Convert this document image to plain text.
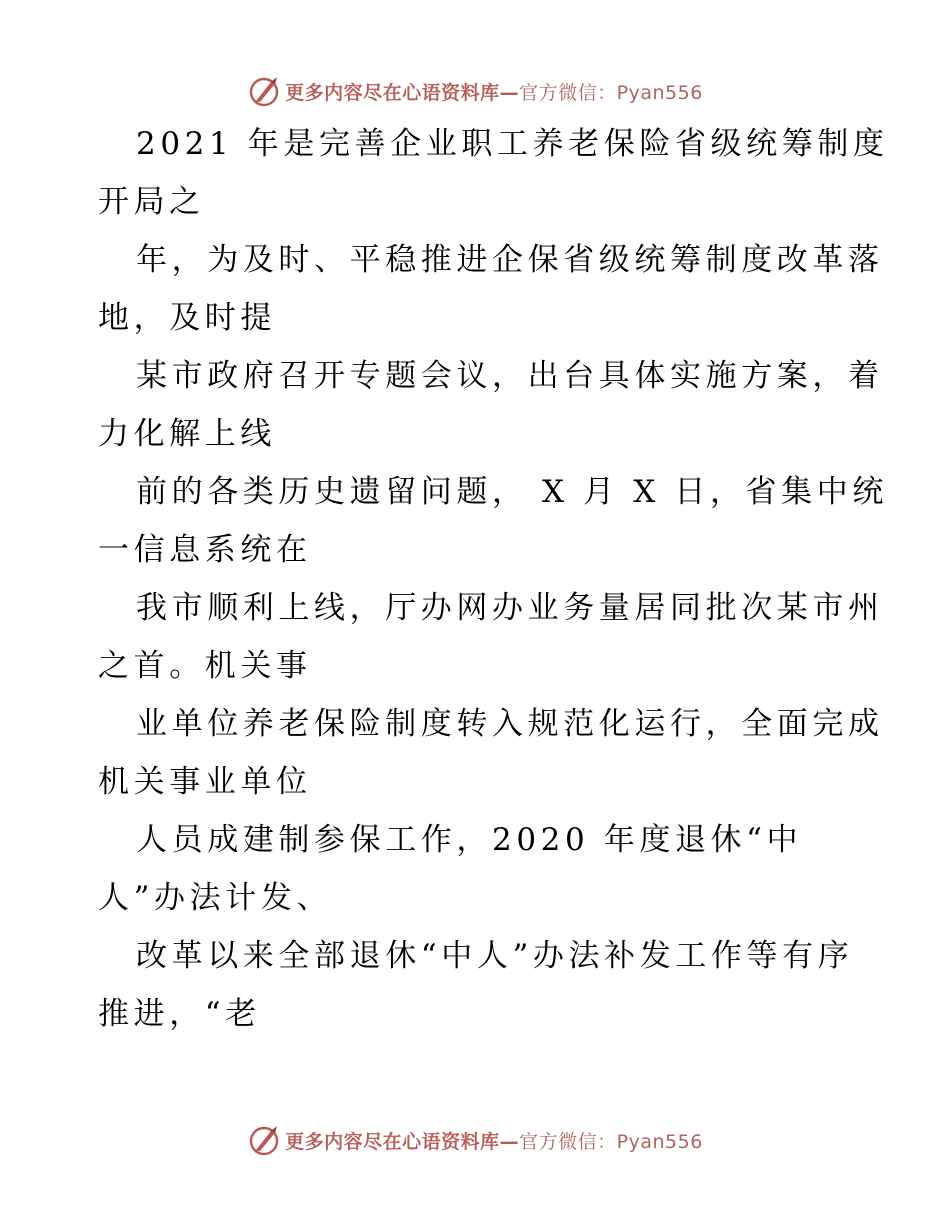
更多内容尽在心语资料库—官方微信：Pyan556
2021 年是完善企业职工养老保险省级统筹制度
开局之
年，为及时、平稳推进企保省级统筹制度改革落
地，及时提
某市政府召开专题会议，出台具体实施方案，着
力化解上线
前的各类历史遗留问题， X 月 X 日，省集中统
一信息系统在
我市顺利上线，厅办网办业务量居同批次某市州
之首。机关事
业单位养老保险制度转入规范化运行，全面完成
机关事业单位
人员成建制参保工作，2020 年度退休“中
人”办法计发、
改革以来全部退休“中人”办法补发工作等有序
推进，“老
更多内容尽在心语资料库—官方微信：Pyan556
